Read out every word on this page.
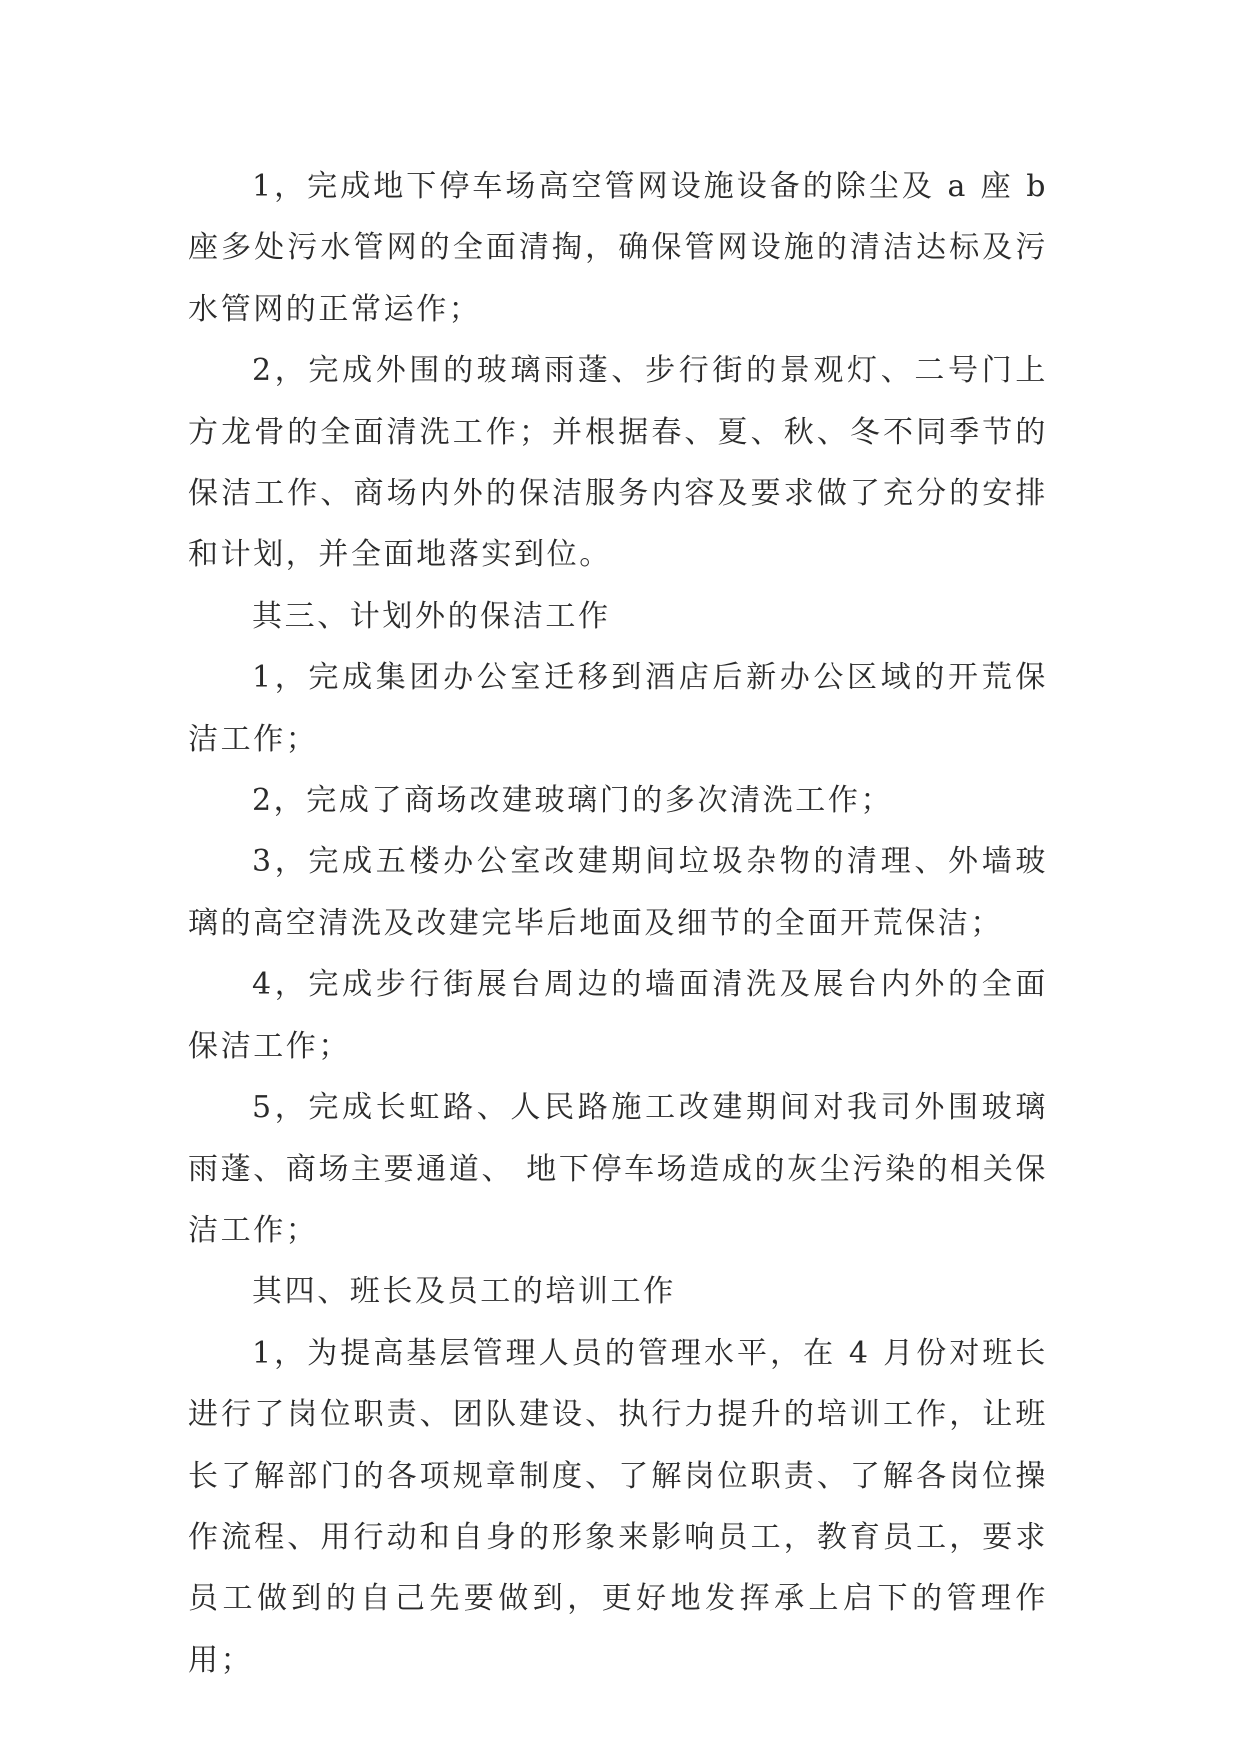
1，完成地下停车场高空管网设施设备的除尘及 a 座 b 座多处污水管网的全面清掏，确保管网设施的清洁达标及污水管网的正常运作；

2，完成外围的玻璃雨蓬、步行街的景观灯、二号门上方龙骨的全面清洗工作；并根据春、夏、秋、冬不同季节的保洁工作、商场内外的保洁服务内容及要求做了充分的安排和计划，并全面地落实到位。

其三、计划外的保洁工作

1，完成集团办公室迁移到酒店后新办公区域的开荒保洁工作；

2，完成了商场改建玻璃门的多次清洗工作；

3，完成五楼办公室改建期间垃圾杂物的清理、外墙玻璃的高空清洗及改建完毕后地面及细节的全面开荒保洁；

4，完成步行街展台周边的墙面清洗及展台内外的全面保洁工作；

5，完成长虹路、人民路施工改建期间对我司外围玻璃雨蓬、商场主要通道、 地下停车场造成的灰尘污染的相关保洁工作；

其四、班长及员工的培训工作

1，为提高基层管理人员的管理水平，在 4 月份对班长进行了岗位职责、团队建设、执行力提升的培训工作，让班长了解部门的各项规章制度、了解岗位职责、了解各岗位操作流程、用行动和自身的形象来影响员工，教育员工，要求员工做到的自己先要做到，更好地发挥承上启下的管理作用；
